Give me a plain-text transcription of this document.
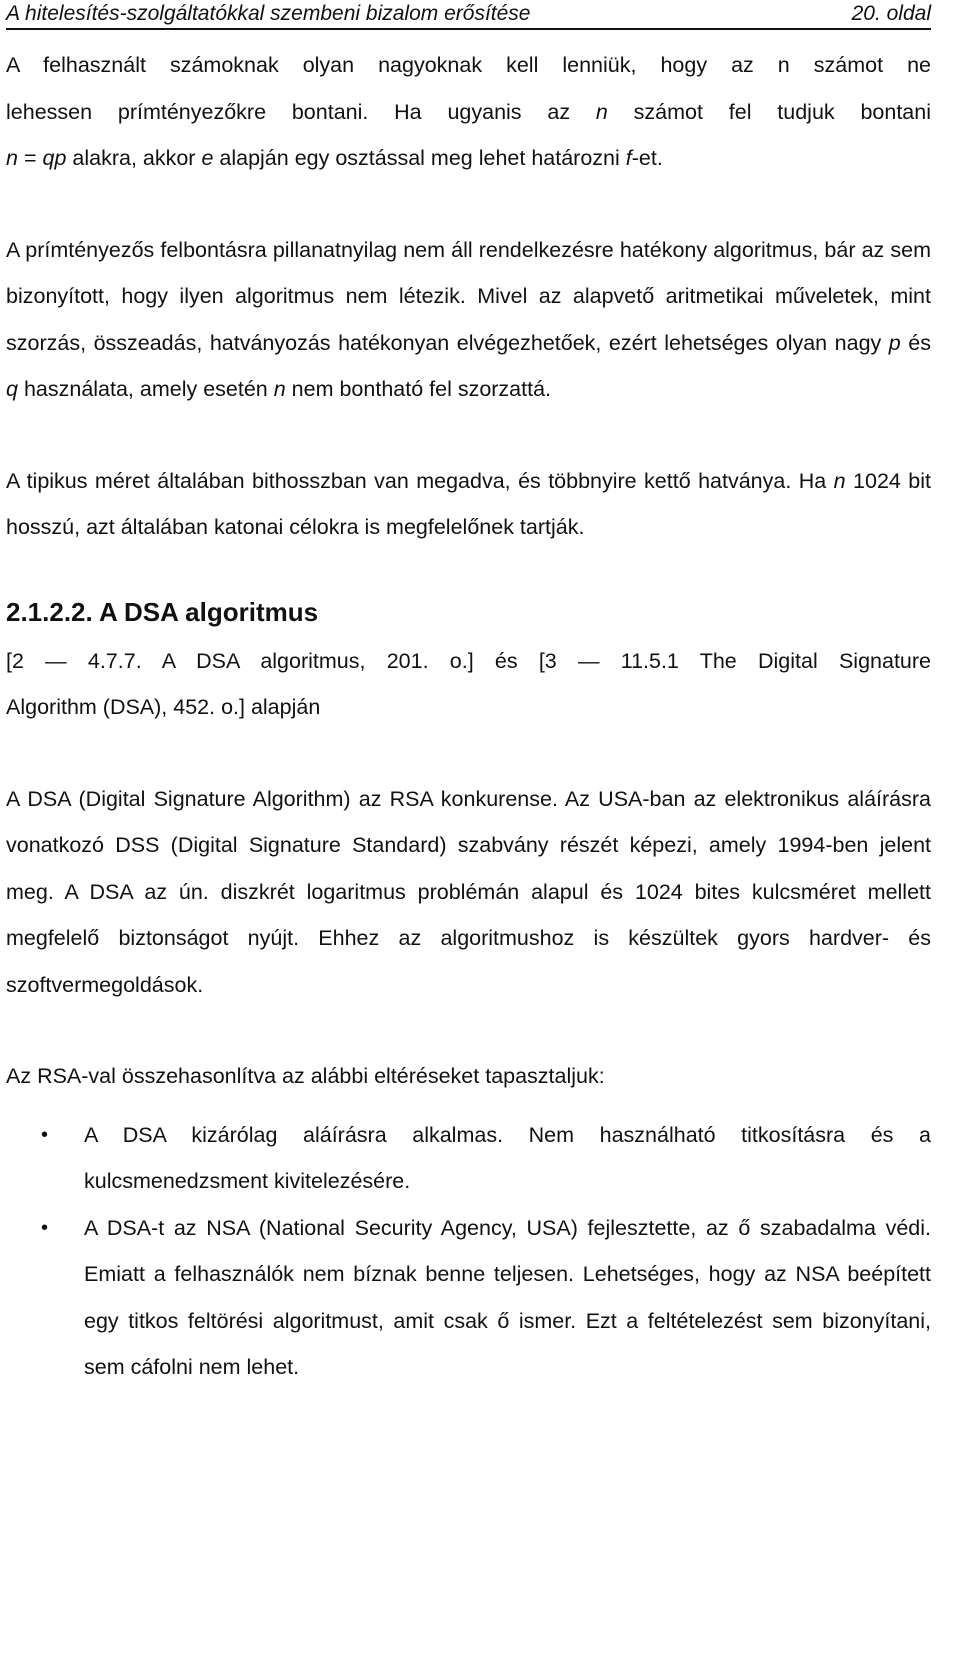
A hitelesítés-szolgáltatókkal szembeni bizalom erősítése	20. oldal

A felhasznált számoknak olyan nagyoknak kell lenniük, hogy az n számot ne
lehessen prímtényezőkre bontani. Ha ugyanis az n számot fel tudjuk bontani
n = qp alakra, akkor e alapján egy osztással meg lehet határozni f-et.

A prímtényezős felbontásra pillanatnyilag nem áll rendelkezésre hatékony algoritmus, bár az sem bizonyított, hogy ilyen algoritmus nem létezik. Mivel az alapvető aritmetikai műveletek, mint szorzás, összeadás, hatványozás hatékonyan elvégezhetőek, ezért lehetséges olyan nagy p és q használata, amely esetén n nem bontható fel szorzattá.

A tipikus méret általában bithosszban van megadva, és többnyire kettő hatványa. Ha n 1024 bit hosszú, azt általában katonai célokra is megfelelőnek tartják.

2.1.2.2. A DSA algoritmus

[2 — 4.7.7. A DSA algoritmus, 201. o.] és [3 — 11.5.1 The Digital Signature
Algorithm (DSA), 452. o.] alapján

A DSA (Digital Signature Algorithm) az RSA konkurense. Az USA-ban az elektronikus aláírásra vonatkozó DSS (Digital Signature Standard) szabvány részét képezi, amely 1994-ben jelent meg. A DSA az ún. diszkrét logaritmus problémán alapul és 1024 bites kulcsméret mellett megfelelő biztonságot nyújt. Ehhez az algoritmushoz is készültek gyors hardver- és szoftvermegoldások.

Az RSA-val összehasonlítva az alábbi eltéréseket tapasztaljuk:

• A DSA kizárólag aláírásra alkalmas. Nem használható titkosításra és a kulcsmenedzsment kivitelezésére.
• A DSA-t az NSA (National Security Agency, USA) fejlesztette, az ő szabadalma védi. Emiatt a felhasználók nem bíznak benne teljesen. Lehetséges, hogy az NSA beépített egy titkos feltörési algoritmust, amit csak ő ismer. Ezt a feltételezést sem bizonyítani, sem cáfolni nem lehet.
